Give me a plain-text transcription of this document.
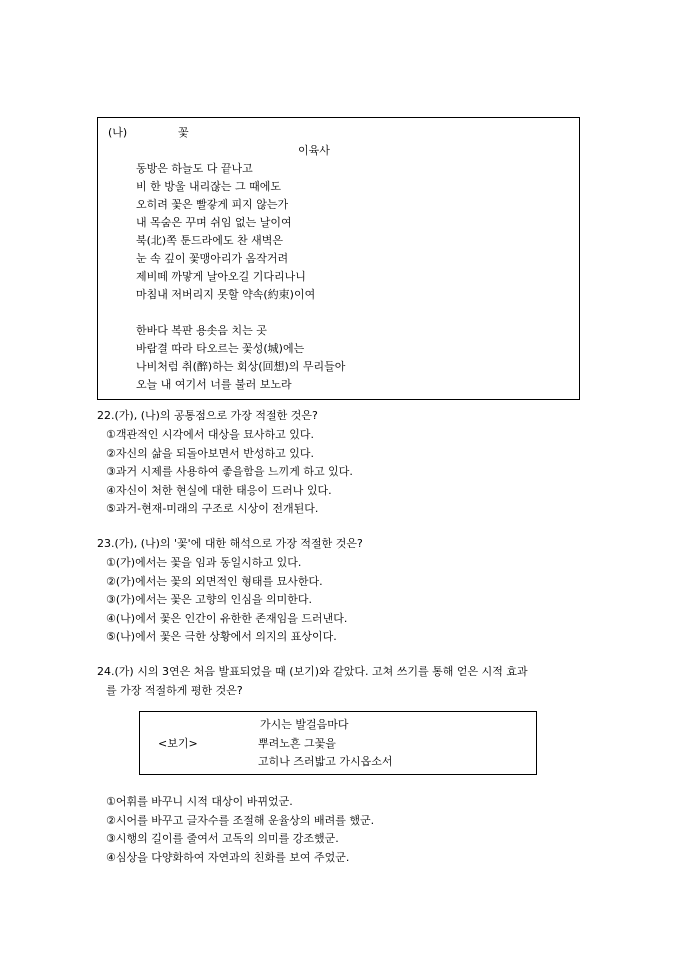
(나)	꽃
이육사
동방은 하늘도 다 끝나고
비 한 방울 내리잖는 그 때에도
오히려 꽃은 빨갛게 피지 않는가
내 목숨은 꾸며 쉬임 없는 날이여
북(北)쪽 툰드라에도 찬 새벽은
눈 속 깊이 꽃맹아리가 옴작거려
제비떼 까맣게 날아오길 기다리나니
마침내 저버리지 못할 약속(約束)이여
한바다 복판 용솟음 치는 곳
바람결 따라 타오르는 꽃성(城)에는
나비처럼 취(醉)하는 회상(回想)의 무리들아
오늘 내 여기서 너를 불러 보노라
22.(가), (나)의 공통점으로 가장 적절한 것은?
①객관적인 시각에서 대상을 묘사하고 있다.
②자신의 삶을 되돌아보면서 반성하고 있다.
③과거 시제를 사용하여 좋을함을 느끼게 하고 있다.
④자신이 처한 현실에 대한 태응이 드러나 있다.
⑤과거-현재-미래의 구조로 시상이 전개된다.
23.(가), (나)의 '꽃'에 대한 해석으로 가장 적절한 것은?
①(가)에서는 꽃을 임과 동일시하고 있다.
②(가)에서는 꽃의 외면적인 형태를 묘사한다.
③(가)에서는 꽃은 고향의 인심을 의미한다.
④(나)에서 꽃은 인간이 유한한 존재임을 드러낸다.
⑤(나)에서 꽃은 극한 상황에서 의지의 표상이다.
24.(가) 시의 3연은 처음 발표되었을 때 (보기)와 같았다. 고쳐 쓰기를 통해 얻은 시적 효과
를 가장 적절하게 평한 것은?
<보기>
가시는 발걸음마다
뿌려노흔 그꽃을
고히나 즈러밟고 가시옵소서
①어휘를 바꾸니 시적 대상이 바뀌었군.
②시어를 바꾸고 글자수를 조절해 운율상의 배려를 했군.
③시행의 길이를 줄여서 고독의 의미를 강조했군.
④심상을 다양화하여 자연과의 친화를 보여 주었군.
